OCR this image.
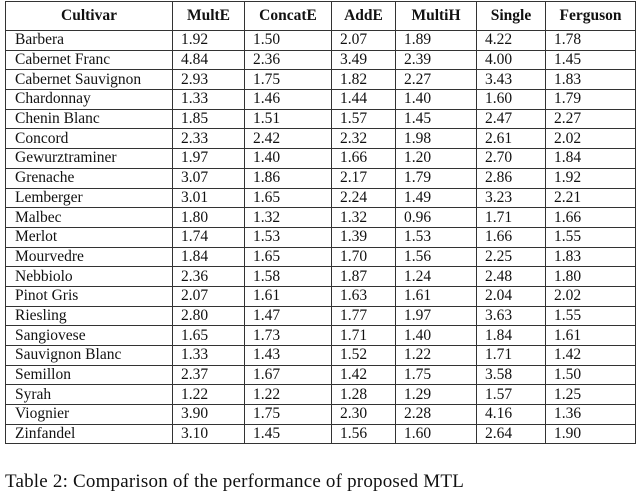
Cultivar	MultE	ConcatE	AddE	MultiH	Single	Ferguson
Barbera	1.92	1.50	2.07	1.89	4.22	1.78
Cabernet Franc	4.84	2.36	3.49	2.39	4.00	1.45
Cabernet Sauvignon	2.93	1.75	1.82	2.27	3.43	1.83
Chardonnay	1.33	1.46	1.44	1.40	1.60	1.79
Chenin Blanc	1.85	1.51	1.57	1.45	2.47	2.27
Concord	2.33	2.42	2.32	1.98	2.61	2.02
Gewurztraminer	1.97	1.40	1.66	1.20	2.70	1.84
Grenache	3.07	1.86	2.17	1.79	2.86	1.92
Lemberger	3.01	1.65	2.24	1.49	3.23	2.21
Malbec	1.80	1.32	1.32	0.96	1.71	1.66
Merlot	1.74	1.53	1.39	1.53	1.66	1.55
Mourvedre	1.84	1.65	1.70	1.56	2.25	1.83
Nebbiolo	2.36	1.58	1.87	1.24	2.48	1.80
Pinot Gris	2.07	1.61	1.63	1.61	2.04	2.02
Riesling	2.80	1.47	1.77	1.97	3.63	1.55
Sangiovese	1.65	1.73	1.71	1.40	1.84	1.61
Sauvignon Blanc	1.33	1.43	1.52	1.22	1.71	1.42
Semillon	2.37	1.67	1.42	1.75	3.58	1.50
Syrah	1.22	1.22	1.28	1.29	1.57	1.25
Viognier	3.90	1.75	2.30	2.28	4.16	1.36
Zinfandel	3.10	1.45	1.56	1.60	2.64	1.90
Table 2: Comparison of the performance of proposed MTL
